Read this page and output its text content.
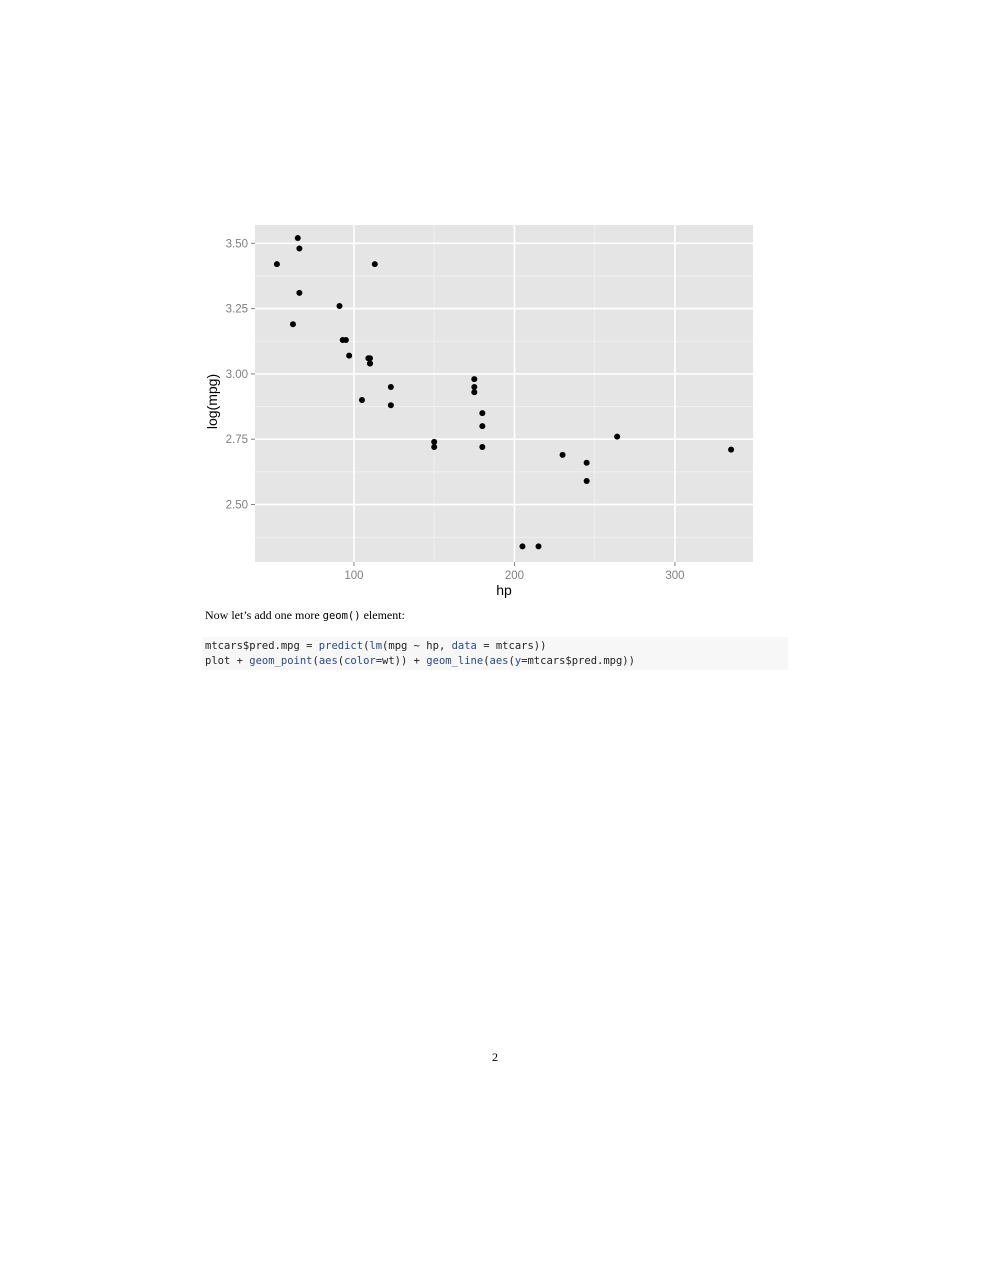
100	200	300
2.50
2.75
3.00
3.25
3.50
hp
log(mpg)
Now let’s add one more geom() element:
mtcars$pred.mpg = predict(lm(mpg ~ hp, data = mtcars))
plot + geom_point(aes(color=wt)) + geom_line(aes(y=mtcars$pred.mpg))
2
